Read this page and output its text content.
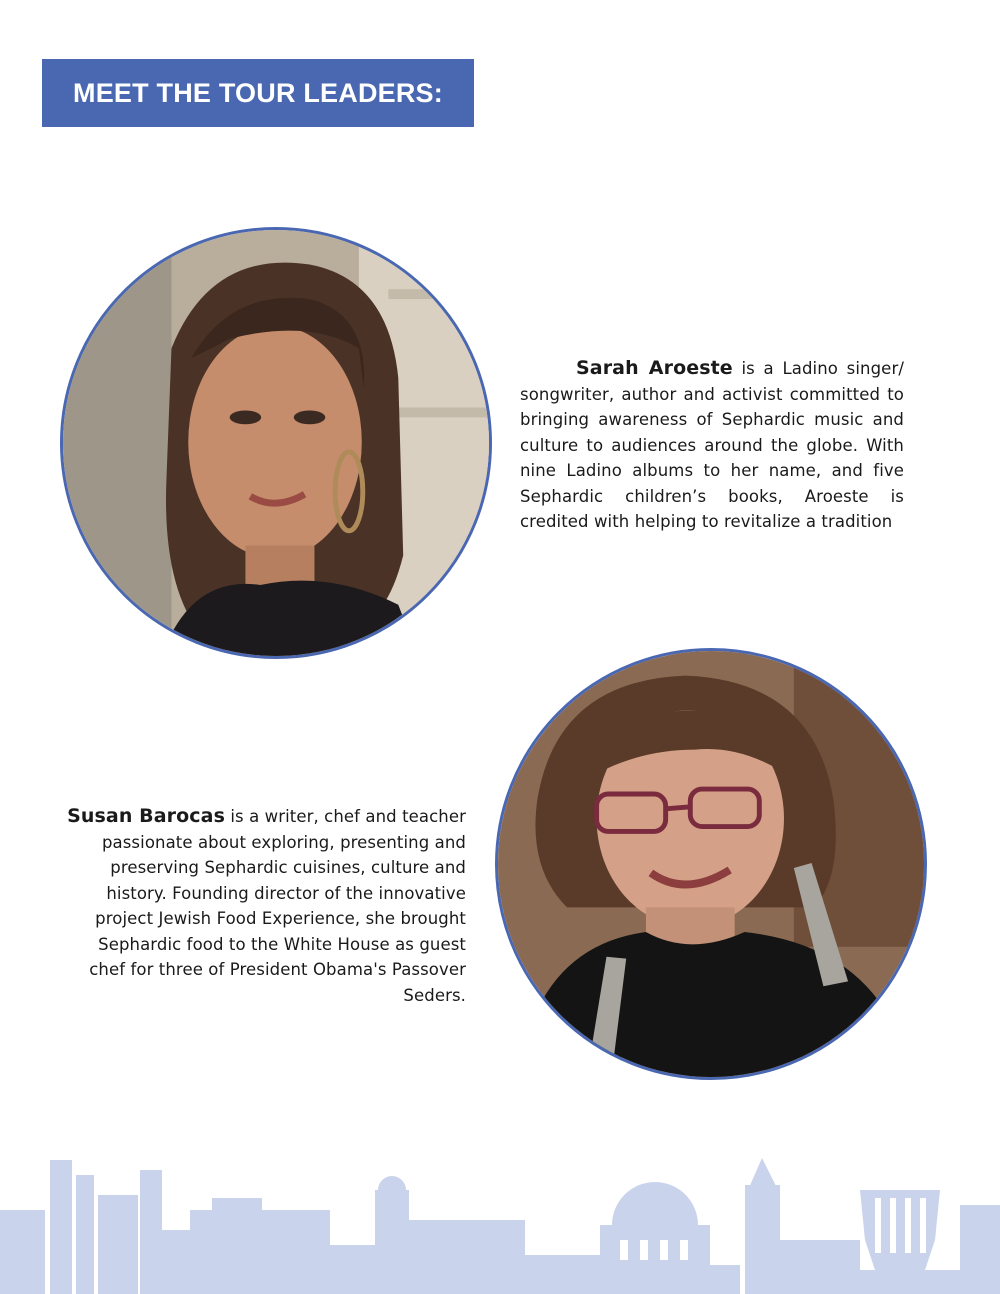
MEET THE TOUR LEADERS:
Sarah Aroeste is a Ladino singer/ songwriter, author and activist committed to bringing awareness of Sephardic music and culture to audiences around the globe. With nine Ladino albums to her name, and five Sephardic children’s books, Aroeste is credited with helping to revitalize a tradition
Susan Barocas is a writer, chef and teacher passionate about exploring, presenting and preserving Sephardic cuisines, culture and history. Founding director of the innovative project Jewish Food Experience, she brought Sephardic food to the White House as guest chef for three of President Obama's Passover Seders.
